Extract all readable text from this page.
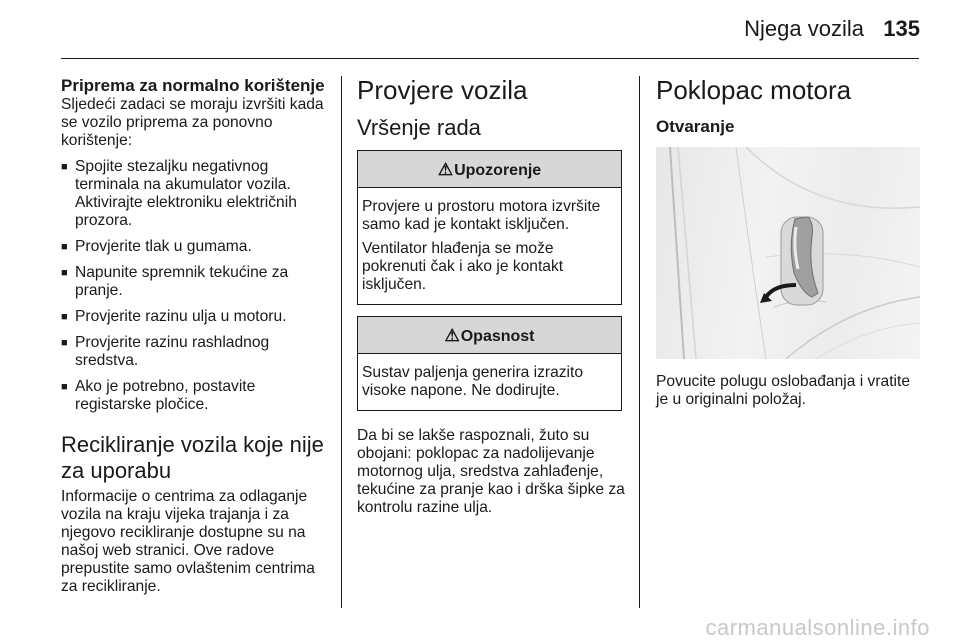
Njega vozila 135
Priprema za normalno korištenje

Sljedeći zadaci se moraju izvršiti kada se vozilo priprema za ponovno korištenje:

■ Spojite stezaljku negativnog terminala na akumulator vozila. Aktivirajte elektroniku električnih prozora.
■ Provjerite tlak u gumama.
■ Napunite spremnik tekućine za pranje.
■ Provjerite razinu ulja u motoru.
■ Provjerite razinu rashladnog sredstva.
■ Ako je potrebno, postavite registarske pločice.
Recikliranje vozila koje nije za uporabu

Informacije o centrima za odlaganje vozila na kraju vijeka trajanja i za njegovo recikliranje dostupne su na našoj web stranici. Ove radove prepustite samo ovlaštenim centrima za recikliranje.

Provjere vozila
Vršenje rada
⚠Upozorenje

Provjere u prostoru motora izvršite samo kad je kontakt isključen.

Ventilator hlađenja se može pokrenuti čak i ako je kontakt isključen.

⚠Opasnost

Sustav paljenja generira izrazito visoke napone. Ne dodirujte.

Da bi se lakše raspoznali, žuto su obojani: poklopac za nadolijevanje motornog ulja, sredstva zahlađenje, tekućine za pranje kao i drška šipke za kontrolu razine ulja.

Poklopac motora
Otvaranje

Povucite polugu oslobađanja i vratite je u originalni položaj.

carmanualsonline.info
